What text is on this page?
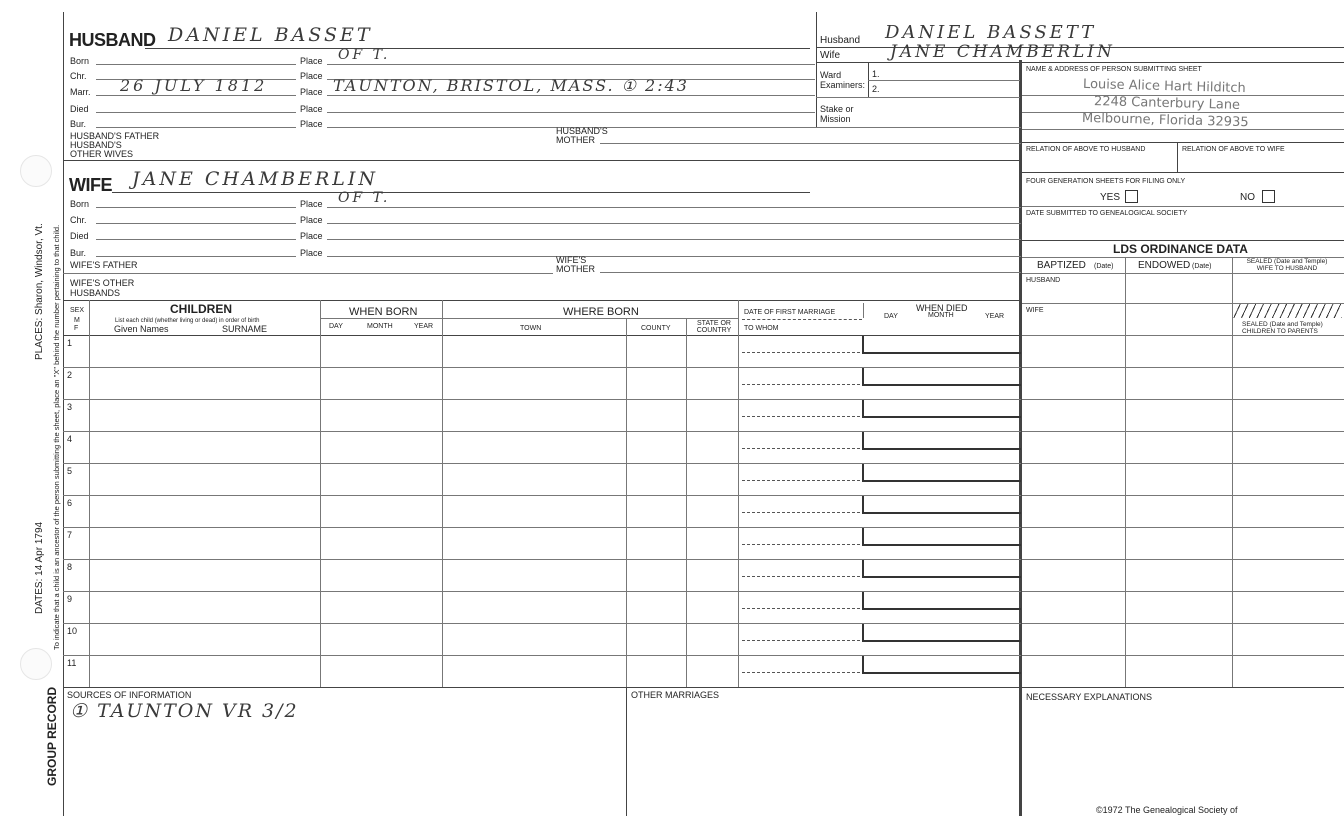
GROUP RECORD
DATES: 14 Apr 1794
PLACES: Sharon, Windsor, Vt. To indicate that a child is an ancestor of the person submitting the sheet, place an "X" behind the number pertaining to that child.
HUSBAND DANIEL BASSET
Born	Place OF T.
Chr.	Place
Marr. 26 JULY 1812	Place TAUNTON, BRISTOL, MASS. ① 2:43
Died	Place
Bur.	Place
HUSBAND'S FATHER	HUSBAND'S MOTHER
HUSBAND'S OTHER WIVES
WIFE JANE CHAMBERLIN
Born	Place OF T.
Chr.	Place
Died	Place
Bur.	Place
WIFE'S FATHER	WIFE'S MOTHER
WIFE'S OTHER HUSBANDS
Husband DANIEL BASSETT
Wife	JANE CHAMBERLIN
Ward Examiners:
1.
2.
Stake or Mission
NAME & ADDRESS OF PERSON SUBMITTING SHEET
Louise Alice Hart Hilditch
2248 Canterbury Lane
Melbourne, Florida 32935
RELATION OF ABOVE TO HUSBAND	RELATION OF ABOVE TO WIFE
FOUR GENERATION SHEETS FOR FILING ONLY
YES	NO
DATE SUBMITTED TO GENEALOGICAL SOCIETY
LDS ORDINANCE DATA
BAPTIZED (Date) ENDOWED (Date)
SEALED (Date and Temple) WIFE TO HUSBAND
HUSBAND
WIFE
SEALED (Date and Temple) CHILDREN TO PARENTS
SEX
M
F
CHILDREN
List each child (whether living or dead) in order of birth
Given Names	SURNAME
WHEN BORN
DAY	MONTH	YEAR
WHERE BORN
TOWN	COUNTY
STATE OR COUNTRY
DATE OF FIRST MARRIAGE
TO WHOM
WHEN DIED
DAY	MONTH	YEAR
1
2
3
4
5
6
7
8
9
10
11
SOURCES OF INFORMATION
① TAUNTON VR 3/2
OTHER MARRIAGES	NECESSARY EXPLANATIONS
©1972 The Genealogical Society of
